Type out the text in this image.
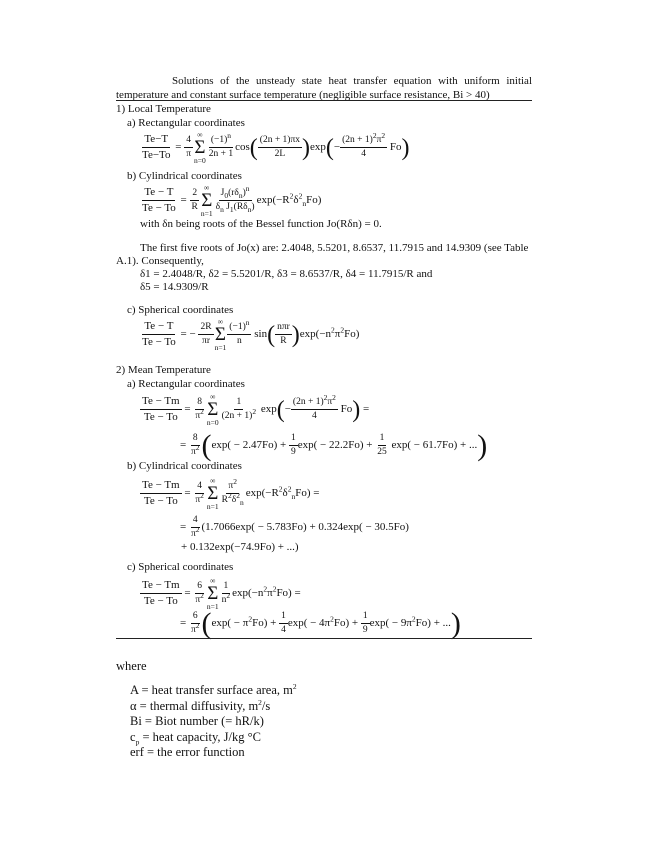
Solutions of the unsteady state heat transfer equation with uniform initial temperature and constant surface temperature (negligible surface resistance, Bi > 40)
1) Local Temperature
a) Rectangular coordinates
$\frac{Te-T}{Te-To} = \frac{4}{\pi}$
∞
Σ
n=0
$(-1)^n$
2n + 1
cos ( (2n + 1)πx
2L ) exp ( − $\frac{(2n + 1)^2\pi^2}{4}$ Fo )
b) Cylindrical coordinates
$\frac{Te - T}{Te - To} = \frac{2}{R}$
∞
Σ
n=1
$J_0(r\delta_n)^n$
$\delta_n$ $J_1(R\delta_n)$
$\exp(-R^2\delta^2_nFo)$
with δn being roots of the Bessel function Jo(Rδn) = 0.
The first five roots of Jo(x) are: 2.4048, 5.5201, 8.6537, 11.7915 and 14.9309 (see Table
A.1). Consequently,
δ1 = 2.4048/R, δ2 = 5.5201/R, δ3 = 8.6537/R, δ4 = 11.7915/R and
δ5 = 14.9309/R
c) Spherical coordinates
$\frac{Te - T}{Te - To}$ = − $\frac{2R}{\pi r}$
∞
Σ
n=1
$(-1)^n$
n
sin ( nπr
R ) $\exp(-n^2\pi^2Fo)$
2) Mean Temperature
a) Rectangular coordinates
$\frac{Te - Tm}{Te - To} = \frac{8}{\pi^2}$
∞
Σ
n=0
1
$(2n + 1)^2$ exp ( − $\frac{(2n + 1)^2\pi^2}{4}$ Fo ) =
= $\frac{8}{\pi^2}$ ( $\exp( - 2.47Fo) + \frac{1}{9} \exp( - 22.2Fo) + \frac{1}{25} \exp( - 61.7Fo)$ + ... )
b) Cylindrical coordinates
$\frac{Te - Tm}{Te - To} = \frac{4}{\pi^2}$
∞
Σ
n=1
$\pi^2$
$R^2\delta^2_n$
$\exp(-R^2\delta^2_nFo)$ =
= $\frac{4}{\pi^2} (1.7066\exp( - 5.783Fo) + 0.324\exp( - 30.5Fo)$
+ 0.132exp(−74.9Fo) + ...)
c) Spherical coordinates
$\frac{Te - Tm}{Te - To} = \frac{6}{\pi^2}$
∞
Σ
n=1
1
$n^2$ $\exp(-n^2\pi^2Fo)$ =
= $\frac{6}{\pi^2}$ ( $\exp( - \pi^2Fo) + \frac{1}{4} \exp( - 4\pi^2Fo) + \frac{1}{9} \exp( - 9\pi^2Fo)$ + ... )
where
A = heat transfer surface area, $m^2$
α = thermal diffusivity, $m^2/s$
Bi = Biot number (= hR/k)
$c_p$ = heat capacity, J/kg °C
erf = the error function
